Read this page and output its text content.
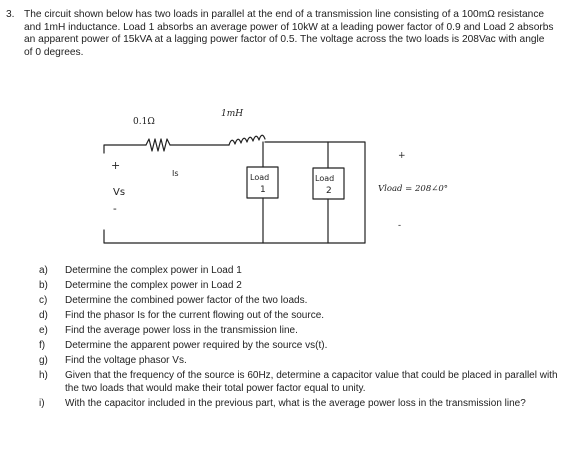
3. The circuit shown below has two loads in parallel at the end of a transmission line consisting of a 100mΩ resistance and 1mH inductance. Load 1 absorbs an average power of 10kW at a leading power factor of 0.9 and Load 2 absorbs an apparent power of 15kVA at a lagging power factor of 0.5. The voltage across the two loads is 208Vac with angle of 0 degrees.
0.1Ω
1mH
+
Vs
-
Is	Load
1
Load
2
+
Vload = 208∠0°
-
a) Determine the complex power in Load 1
b) Determine the complex power in Load 2
c) Determine the combined power factor of the two loads.
d) Find the phasor Is for the current flowing out of the source.
e) Find the average power loss in the transmission line.
f) Determine the apparent power required by the source vs(t).
g) Find the voltage phasor Vs.
h) Given that the frequency of the source is 60Hz, determine a capacitor value that could be placed in parallel with the two loads that would make their total power factor equal to unity.
i) With the capacitor included in the previous part, what is the average power loss in the transmission line?
